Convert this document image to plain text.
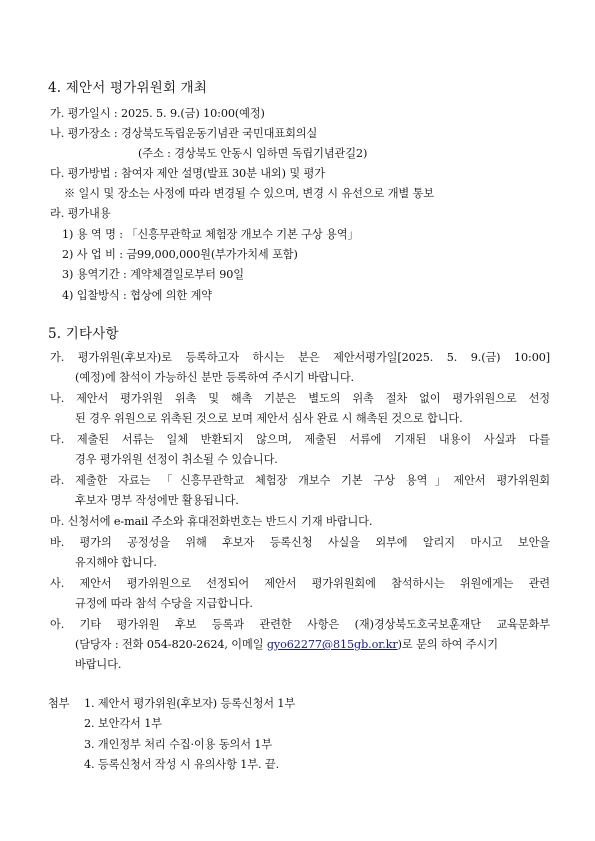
4. 제안서 평가위원회 개최
가. 평가일시 : 2025. 5. 9.(금) 10:00(예정)
나. 평가장소 : 경상북도독립운동기념관 국민대표회의실
(주소 : 경상북도 안동시 임하면 독립기념관길2)
다. 평가방법 : 참여자 제안 설명(발표 30분 내외) 및 평가
※ 일시 및 장소는 사정에 따라 변경될 수 있으며, 변경 시 유선으로 개별 통보
라. 평가내용
1) 용 역 명 : 「신흥무관학교 체험장 개보수 기본 구상 용역」
2) 사 업 비 : 금99,000,000원(부가가치세 포함)
3) 용역기간 : 계약체결일로부터 90일
4) 입찰방식 : 협상에 의한 계약
5. 기타사항
가. 평가위원(후보자)로 등록하고자 하시는 분은 제안서평가일[2025. 5. 9.(금) 10:00]
(예정)에 참석이 가능하신 분만 등록하여 주시기 바랍니다.
나. 제안서 평가위원 위촉 및 해촉 기분은 별도의 위촉 절차 없이 평가위원으로 선정
된 경우 위원으로 위촉된 것으로 보며 제안서 심사 완료 시 해촉된 것으로 합니다.
다. 제출된 서류는 일체 반환되지 않으며, 제출된 서류에 기재된 내용이 사실과 다를
경우 평가위원 선정이 취소될 수 있습니다.
라. 제출한 자료는 「신흥무관학교 체험장 개보수 기본 구상 용역」제안서 평가위원회
후보자 명부 작성에만 활용됩니다.
마. 신청서에 e-mail 주소와 휴대전화번호는 반드시 기재 바랍니다.
바. 평가의 공정성을 위해 후보자 등록신청 사실을 외부에 알리지 마시고 보안을
유지해야 합니다.
사. 제안서 평가위원으로 선정되어 제안서 평가위원회에 참석하시는 위원에게는 관련
규정에 따라 참석 수당을 지급합니다.
아. 기타 평가위원 후보 등록과 관련한 사항은 (재)경상북도호국보훈재단 교육문화부
(담당자 : 전화 054-820-2624, 이메일 gyo62277@815gb.or.kr)로 문의 하여 주시기
바랍니다.
첨부 1. 제안서 평가위원(후보자) 등록신청서 1부
2. 보안각서 1부
3. 개인정부 처리 수집·이용 동의서 1부
4. 등록신청서 작성 시 유의사항 1부. 끝.
